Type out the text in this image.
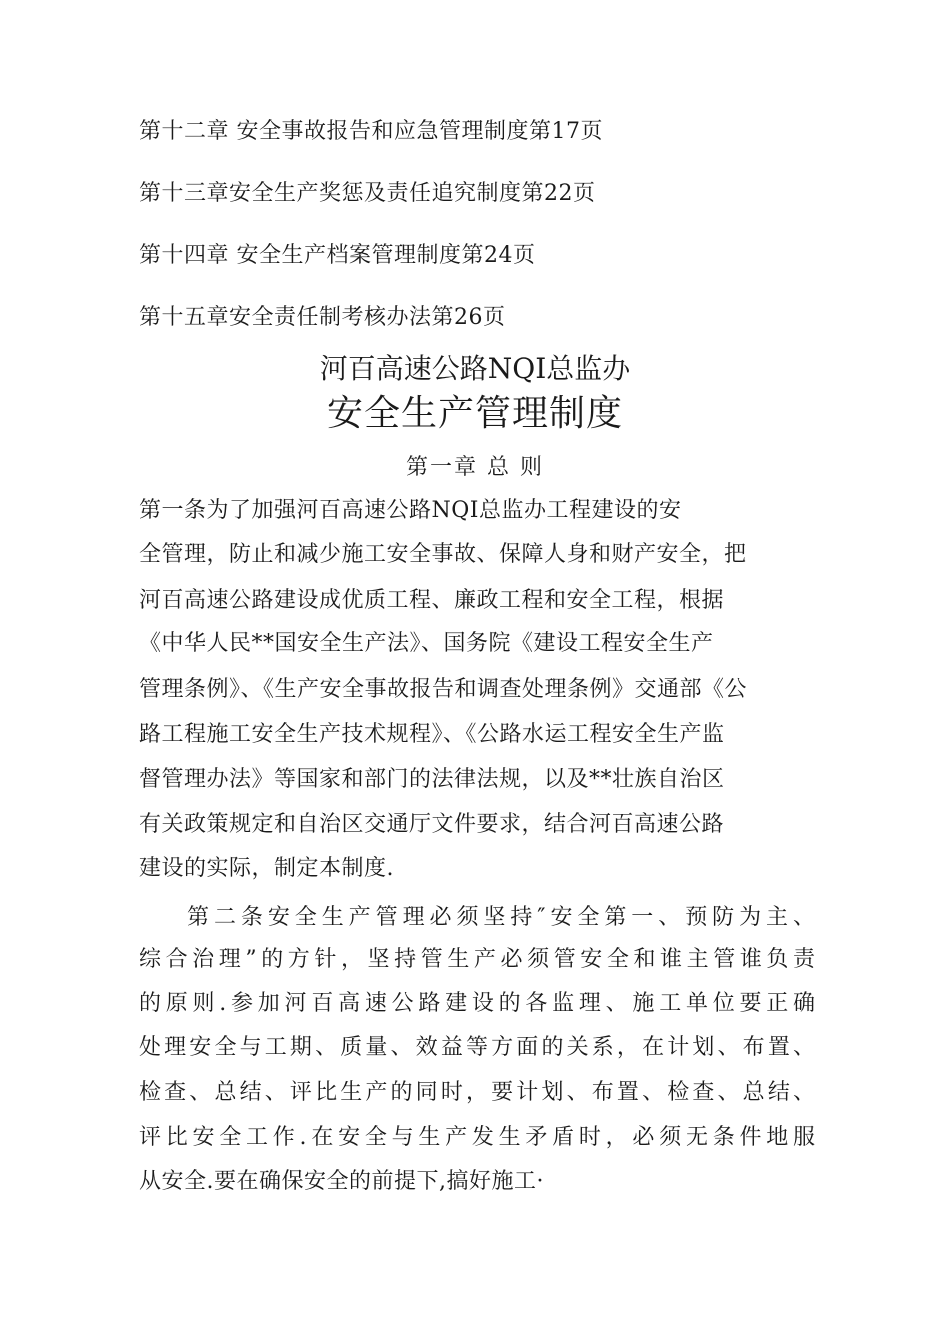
第十二章 安全事故报告和应急管理制度第17页
第十三章安全生产奖惩及责任追究制度第22页
第十四章 安全生产档案管理制度第24页
第十五章安全责任制考核办法第26页
河百高速公路NQI总监办
安全生产管理制度
第一章 总 则
第一条为了加强河百高速公路NQI总监办工程建设的安
全管理，防止和减少施工安全事故、保障人身和财产安全，把
河百高速公路建设成优质工程、廉政工程和安全工程，根据
《中华人民**国安全生产法》、国务院《建设工程安全生产
管理条例》、《生产安全事故报告和调查处理条例》交通部《公
路工程施工安全生产技术规程》、《公路水运工程安全生产监
督管理办法》等国家和部门的法律法规，以及**壮族自治区
有关政策规定和自治区交通厅文件要求，结合河百高速公路
建设的实际，制定本制度.
第二条安全生产管理必须坚持″安全第一、预防为主、
综合治理”的方针，坚持管生产必须管安全和谁主管谁负责
的原则.参加河百高速公路建设的各监理、施工单位要正确
处理安全与工期、质量、效益等方面的关系，在计划、布置、
检查、总结、评比生产的同时，要计划、布置、检查、总结、
评比安全工作.在安全与生产发生矛盾时，必须无条件地服
从安全.要在确保安全的前提下,搞好施工·
